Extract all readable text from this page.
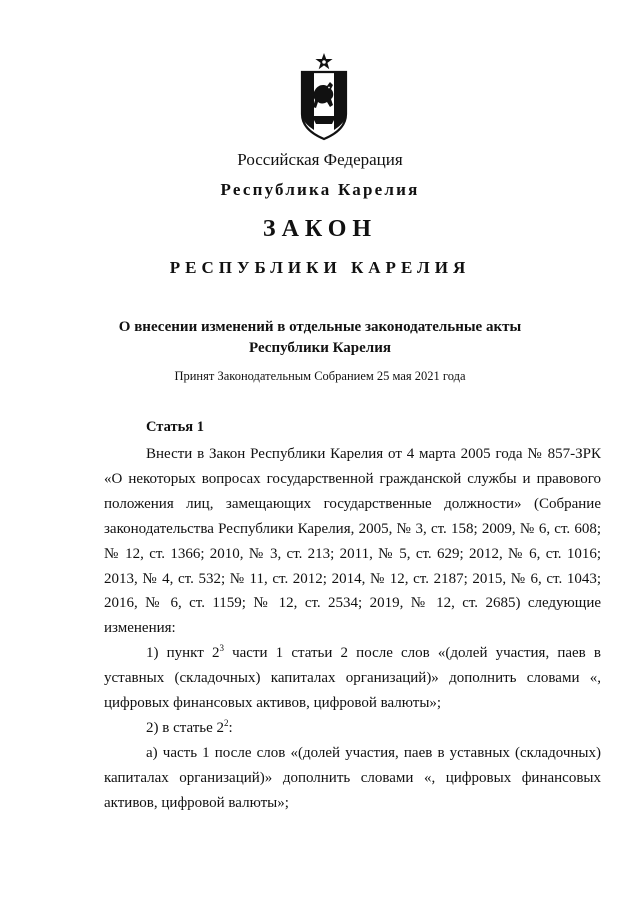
Российская Федерация
Республика Карелия
ЗАКОН
РЕСПУБЛИКИ КАРЕЛИЯ
О внесении изменений в отдельные законодательные акты
Республики Карелия
Принят Законодательным Собранием 25 мая 2021 года
Статья 1

Внести в Закон Республики Карелия от 4 марта 2005 года № 857-ЗРК «О некоторых вопросах государственной гражданской службы и правового положения лиц, замещающих государственные должности» (Собрание законодательства Республики Карелия, 2005, № 3, ст. 158; 2009, № 6, ст. 608; № 12, ст. 1366; 2010, № 3, ст. 213; 2011, № 5, ст. 629; 2012, № 6, ст. 1016; 2013, № 4, ст. 532; № 11, ст. 2012; 2014, № 12, ст. 2187; 2015, № 6, ст. 1043; 2016, № 6, ст. 1159; № 12, ст. 2534; 2019, № 12, ст. 2685) следующие изменения:

1) пункт $2^3$ части 1 статьи 2 после слов «(долей участия, паев в уставных (складочных) капиталах организаций)» дополнить словами «, цифровых финансовых активов, цифровой валюты»;

2) в статье $2^2$:

а) часть 1 после слов «(долей участия, паев в уставных (складочных) капиталах организаций)» дополнить словами «, цифровых финансовых активов, цифровой валюты»;
